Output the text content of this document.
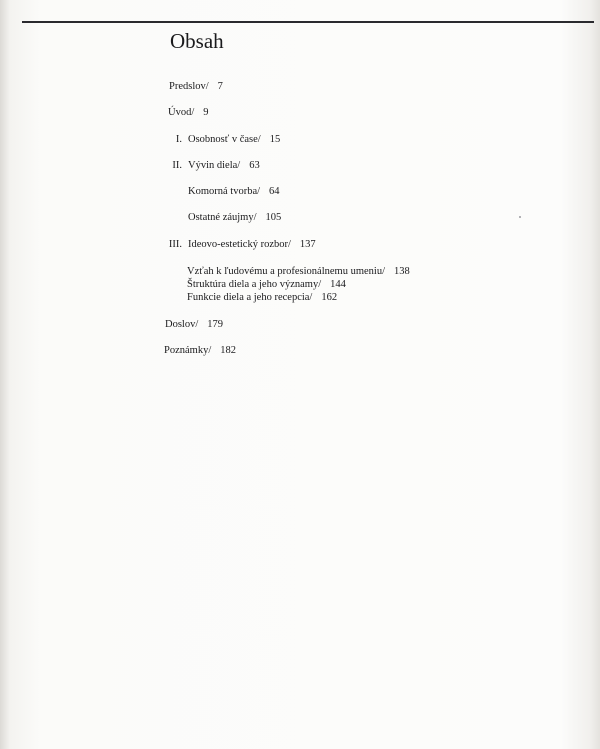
Obsah
Predslov/ 7
Úvod/ 9
I. Osobnosť v čase/ 15
II. Vývin diela/ 63
Komorná tvorba/ 64
Ostatné záujmy/ 105
III. Ideovo-estetický rozbor/ 137
Vzťah k ľudovému a profesionálnemu umeniu/ 138
Štruktúra diela a jeho významy/ 144
Funkcie diela a jeho recepcia/ 162
Doslov/ 179
Poznámky/ 182
